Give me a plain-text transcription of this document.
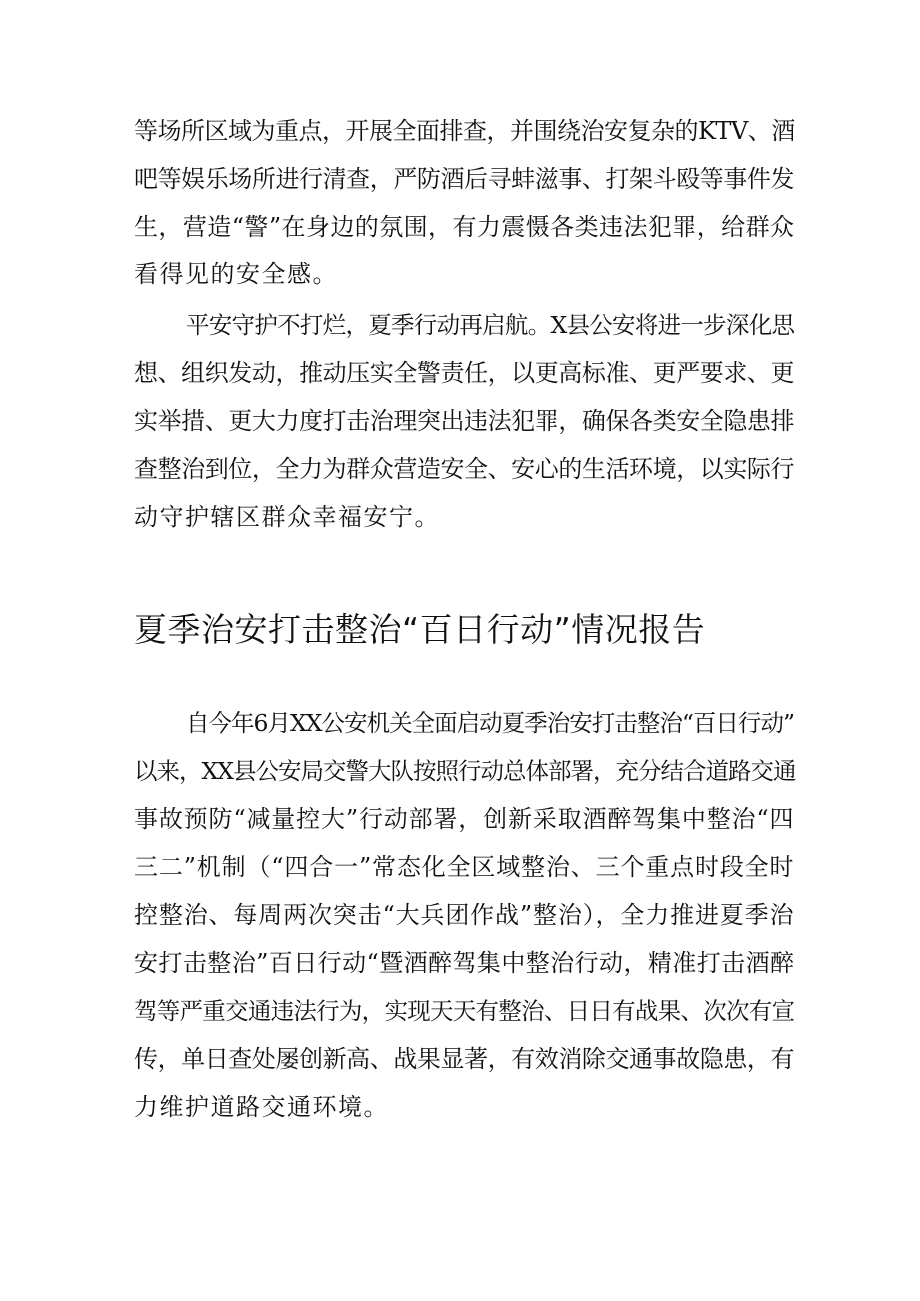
等场所区域为重点，开展全面排查，并围绕治安复杂的KTV、酒
吧等娱乐场所进行清查，严防酒后寻蚌滋事、打架斗殴等事件发
生，营造“警”在身边的氛围，有力震慑各类违法犯罪，给群众
看得见的安全感。
平安守护不打烂，夏季行动再启航。X县公安将进一步深化思
想、组织发动，推动压实全警责任，以更高标准、更严要求、更
实举措、更大力度打击治理突出违法犯罪，确保各类安全隐患排
查整治到位，全力为群众营造安全、安心的生活环境，以实际行
动守护辖区群众幸福安宁。
夏季治安打击整治“百日行动”情况报告
自今年6月XX公安机关全面启动夏季治安打击整治“百日行动”
以来，XX县公安局交警大队按照行动总体部署，充分结合道路交通
事故预防“减量控大”行动部署，创新采取酒醉驾集中整治“四
三二”机制（“四合一”常态化全区域整治、三个重点时段全时
控整治、每周两次突击“大兵团作战”整治），全力推进夏季治
安打击整治”百日行动“暨酒醉驾集中整治行动，精准打击酒醉
驾等严重交通违法行为，实现天天有整治、日日有战果、次次有宣
传，单日查处屡创新高、战果显著，有效消除交通事故隐患，有
力维护道路交通环境。
